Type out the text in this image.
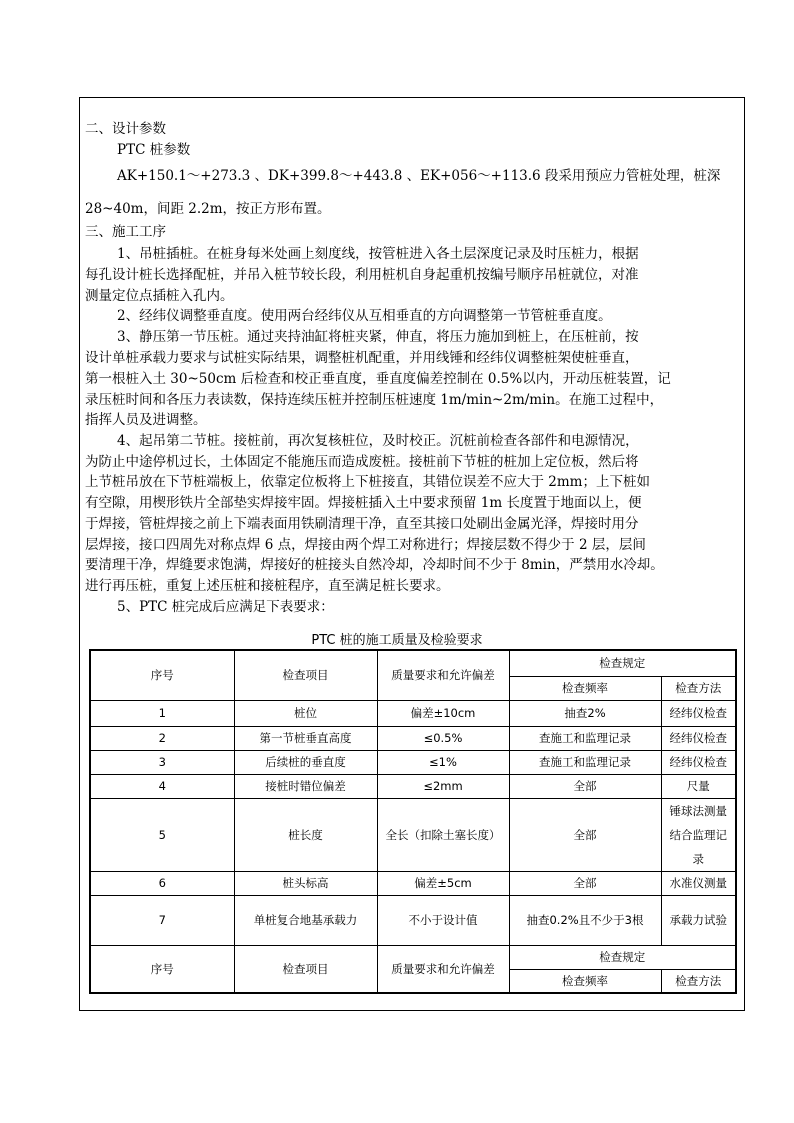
二、设计参数
PTC 桩参数
AK+150.1～+273.3 、DK+399.8～+443.8 、EK+056～+113.6 段采用预应力管桩处理，桩深
28~40m，间距 2.2m，按正方形布置。
三、施工工序
1、吊桩插桩。在桩身每米处画上刻度线，按管桩进入各土层深度记录及时压桩力，根据
每孔设计桩长选择配桩，并吊入桩节较长段，利用桩机自身起重机按编号顺序吊桩就位，对准
测量定位点插桩入孔内。
2、经纬仪调整垂直度。使用两台经纬仪从互相垂直的方向调整第一节管桩垂直度。
3、静压第一节压桩。通过夹持油缸将桩夹紧，伸直，将压力施加到桩上，在压桩前，按
设计单桩承载力要求与试桩实际结果，调整桩机配重，并用线锤和经纬仪调整桩架使桩垂直，
第一根桩入土 30~50cm 后检查和校正垂直度，垂直度偏差控制在 0.5%以内，开动压桩装置，记
录压桩时间和各压力表读数，保持连续压桩并控制压桩速度 1m/min~2m/min。在施工过程中，
指挥人员及进调整。
4、起吊第二节桩。接桩前，再次复核桩位，及时校正。沉桩前检查各部件和电源情况，
为防止中途停机过长，土体固定不能施压而造成废桩。接桩前下节桩的桩加上定位板，然后将
上节桩吊放在下节桩端板上，依靠定位板将上下桩接直，其错位误差不应大于 2mm；上下桩如
有空隙，用楔形铁片全部垫实焊接牢固。焊接桩插入土中要求预留 1m 长度置于地面以上，便
于焊接，管桩焊接之前上下端表面用铁刷清理干净，直至其接口处刷出金属光泽，焊接时用分
层焊接，接口四周先对称点焊 6 点，焊接由两个焊工对称进行；焊接层数不得少于 2 层，层间
要清理干净，焊缝要求饱满，焊接好的桩接头自然冷却，冷却时间不少于 8min，严禁用水冷却。
进行再压桩，重复上述压桩和接桩程序，直至满足桩长要求。
5、PTC 桩完成后应满足下表要求：
PTC 桩的施工质量及检验要求
序号	检查项目	质量要求和允许偏差	检查规定	
			检查频率	检查方法
1	桩位	偏差±10cm	抽查2%	经纬仪检查
2	第一节桩垂直高度	≤0.5%	查施工和监理记录	经纬仪检查
3	后续桩的垂直度	≤1%	查施工和监理记录	经纬仪检查
4	接桩时错位偏差	≤2mm	全部	尺量
5	桩长度	全长（扣除土塞长度）	全部	锤球法测量结合监理记录
6	桩头标高	偏差±5cm	全部	水准仪测量
7	单桩复合地基承载力	不小于设计值	抽查0.2%且不少于3根	承载力试验
序号	检查项目	质量要求和允许偏差	检查规定	
			检查频率	检查方法
